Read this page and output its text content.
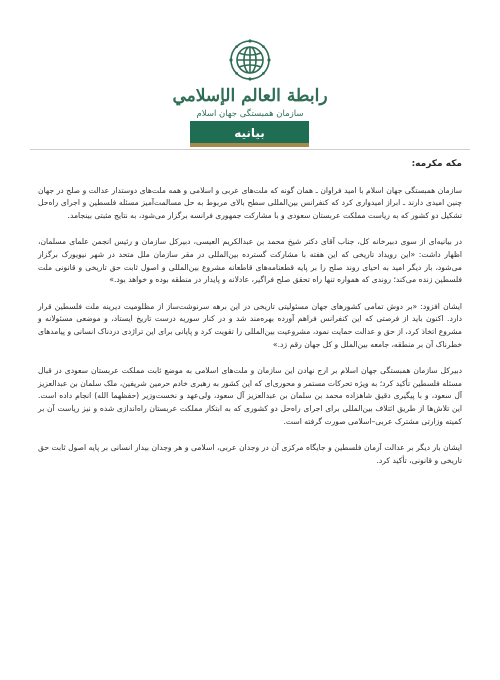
رابطة العالم الإسلامي
سازمان همبستگی جهان اسلام
بیانیه
مکه مکرمه:

سازمان همبستگی جهان اسلام با امید فراوان ـ همان گونه که ملت‌های عربی و اسلامی و همه ملت‌های دوستدار عدالت و صلح در جهان چنین امیدی دارند ـ ابراز امیدواری کرد که کنفرانس بین‌المللی سطح بالای مربوط به حل مسالمت‌آمیز مسئله فلسطین و اجرای راه‌حل تشکیل دو کشور که به ریاست مملکت عربستان سعودی و با مشارکت جمهوری فرانسه برگزار می‌شود، به نتایج مثبتی بینجامد.

در بیانیه‌ای از سوی دبیرخانه کل، جناب آقای دکتر شیخ محمد بن عبدالکریم العیسی، دبیرکل سازمان و رئیس انجمن علمای مسلمان، اظهار داشت: «این رویداد تاریخی که این هفته با مشارکت گسترده بین‌المللی در مقر سازمان ملل متحد در شهر نیویورک برگزار می‌شود، بار دیگر امید به احیای روند صلح را بر پایه قطعنامه‌های قاطعانه مشروع بین‌المللی و اصول ثابت حق تاریخی و قانونی ملت فلسطین زنده می‌کند؛ روندی که همواره تنها راه تحقق صلح فراگیر، عادلانه و پایدار در منطقه بوده و خواهد بود.»

ایشان افزود: «بر دوش تمامی کشورهای جهان مسئولیتی تاریخی در این برهه سرنوشت‌ساز از مظلومیت دیرینه ملت فلسطین قرار دارد. اکنون باید از فرصتی که این کنفرانس فراهم آورده بهره‌مند شد و در کنار سوریه درست تاریخ ایستاد، و موضعی مسئولانه و مشروع اتخاذ کرد، از حق و عدالت حمایت نمود، مشروعیت بین‌المللی را تقویت کرد و پایانی برای این تراژدی دردناک انسانی و پیامدهای خطرناک آن بر منطقه، جامعه بین‌الملل و کل جهان رقم زد.»

دبیرکل سازمان همبستگی جهان اسلام بر ارج نهادن این سازمان و ملت‌های اسلامی به موضع ثابت مملکت عربستان سعودی در قبال مسئله فلسطین تأکید کرد؛ به ویژه تحرکات مستمر و محوری‌ای که این کشور به رهبری خادم حرمین شریفین، ملک سلمان بن عبدالعزیز آل سعود، و با پیگیری دقیق شاهزاده محمد بن سلمان بن عبدالعزیز آل سعود، ولی‌عهد و نخست‌وزیر (حفظهما الله) انجام داده است. این تلاش‌ها از طریق ائتلاف بین‌المللی برای اجرای راه‌حل دو کشوری که به ابتکار مملکت عربستان راه‌اندازی شده و نیز ریاست آن بر کمیته وزارتی مشترک عربی–اسلامی صورت گرفته است.

ایشان بار دیگر بر عدالت آرمان فلسطین و جایگاه مرکزی آن در وجدان عربی، اسلامی و هر وجدان بیدار انسانی بر پایه اصول ثابت حق تاریخی و قانونی، تأکید کرد.
